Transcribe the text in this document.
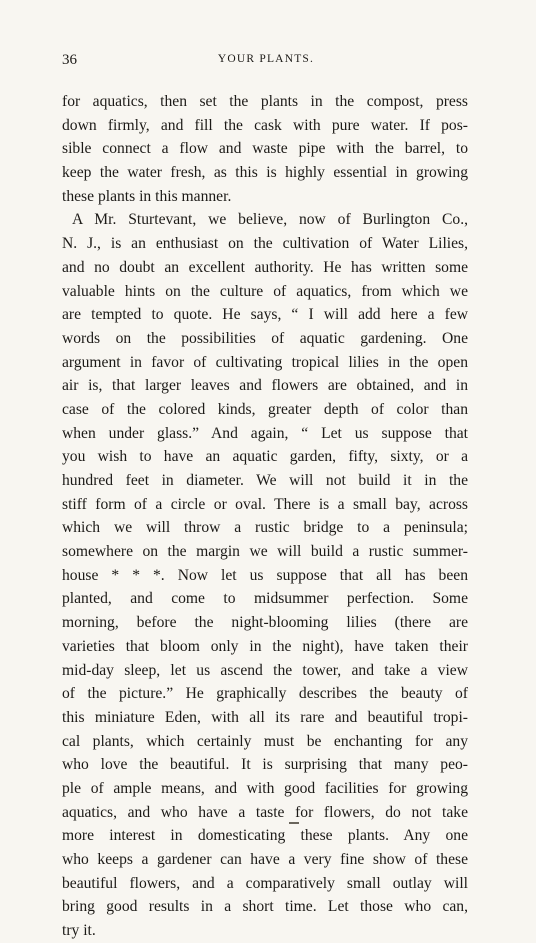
36	YOUR PLANTS.
for aquatics, then set the plants in the compost, press
down firmly, and fill the cask with pure water. If pos-
sible connect a flow and waste pipe with the barrel, to
keep the water fresh, as this is highly essential in growing
these plants in this manner.
A Mr. Sturtevant, we believe, now of Burlington Co.,
N. J., is an enthusiast on the cultivation of Water Lilies,
and no doubt an excellent authority. He has written some
valuable hints on the culture of aquatics, from which we
are tempted to quote. He says, “ I will add here a few
words on the possibilities of aquatic gardening. One
argument in favor of cultivating tropical lilies in the open
air is, that larger leaves and flowers are obtained, and in
case of the colored kinds, greater depth of color than
when under glass.” And again, “ Let us suppose that
you wish to have an aquatic garden, fifty, sixty, or a
hundred feet in diameter. We will not build it in the
stiff form of a circle or oval. There is a small bay, across
which we will throw a rustic bridge to a peninsula;
somewhere on the margin we will build a rustic summer-
house * * *. Now let us suppose that all has been
planted, and come to midsummer perfection. Some
morning, before the night-blooming lilies (there are
varieties that bloom only in the night), have taken their
mid-day sleep, let us ascend the tower, and take a view
of the picture.” He graphically describes the beauty of
this miniature Eden, with all its rare and beautiful tropi-
cal plants, which certainly must be enchanting for any
who love the beautiful. It is surprising that many peo-
ple of ample means, and with good facilities for growing
aquatics, and who have a taste for flowers, do not take
more interest in domesticating these plants. Any one
who keeps a gardener can have a very fine show of these
beautiful flowers, and a comparatively small outlay will
bring good results in a short time. Let those who can,
try it.
